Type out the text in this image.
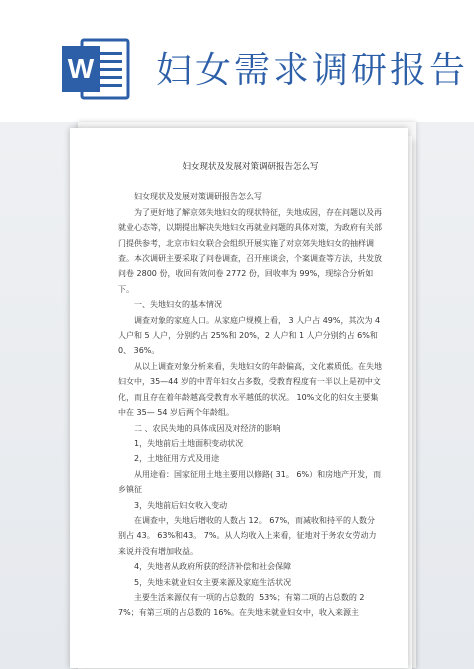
W 妇女需求调研报告
妇女现状及发展对策调研报告怎么写

妇女现状及发展对策调研报告怎么写

为了更好地了解京郊失地妇女的现状特征，失地成因，存在问题以及再就业心态等，以期提出解决失地妇女再就业问题的具体对策，为政府有关部门提供参考，北京市妇女联合会组织开展实施了对京郊失地妇女的抽样调查。本次调研主要采取了问卷调查，召开座谈会，个案调查等方法，共发放问卷 2800 份，收回有效问卷 2772 份，回收率为 99%，现综合分析如下。

一、失地妇女的基本情况

调查对象的家庭人口。从家庭户规模上看， 3 人户占 49%，其次为 4 人户和 5 人户，分别约占 25%和 20%，2 人户和 1 人户分别约占 6%和0、 36%。

从以上调查对象分析来看，失地妇女的年龄偏高，文化素质低。在失地妇女中，35—44 岁的中青年妇女占多数，受教育程度有一半以上是初中文化，而且存在着年龄越高受教育水平越低的状况。 10%文化的妇女主要集中在 35— 54 岁后两个年龄组。

二 、农民失地的具体成因及对经济的影响

1，失地前后土地面积变动状况

2，土地征用方式及用途

从用途看：国家征用土地主要用以修路( 31。 6%）和房地产开发，而乡镇征

3，失地前后妇女收入变动

在调查中，失地后增收的人数占 12。 67%，而减收和持平的人数分别占 43。 63%和43。 7%。从人均收入上来看，征地对于务农女劳动力来说并没有增加收益。

4，失地者从政府所获的经济补偿和社会保障

5，失地未就业妇女主要来源及家庭生活状况

主要生活来源仅有一项的占总数的  53%；有第二项的占总数的 27%；有第三项的占总数的 16%。在失地未就业妇女中，收入来源主
